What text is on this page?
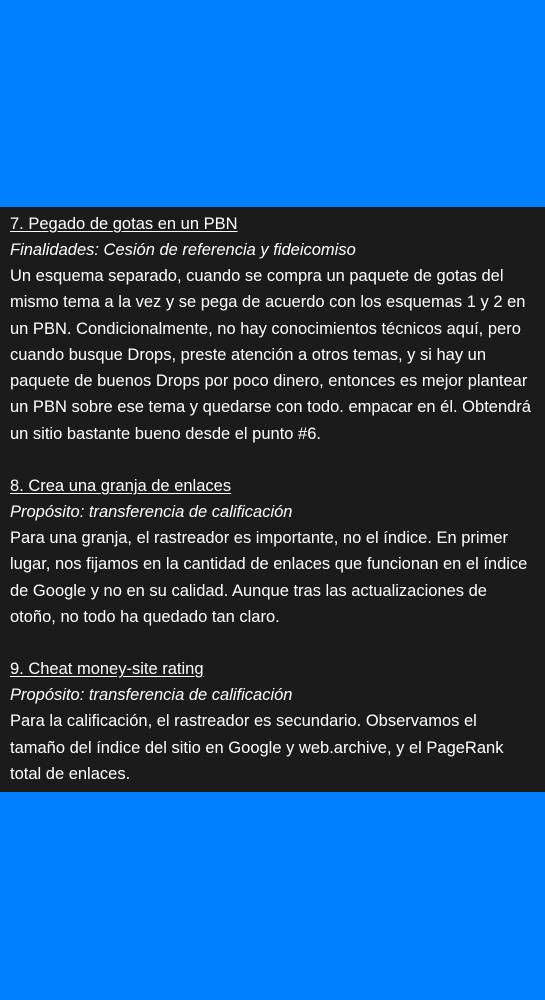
7. Pegado de gotas en un PBN
Finalidades: Cesión de referencia y fideicomiso

Un esquema separado, cuando se compra un paquete de gotas del mismo tema a la vez y se pega de acuerdo con los esquemas 1 y 2 en un PBN. Condicionalmente, no hay conocimientos técnicos aquí, pero cuando busque Drops, preste atención a otros temas, y si hay un paquete de buenos Drops por poco dinero, entonces es mejor plantear un PBN sobre ese tema y quedarse con todo. empacar en él. Obtendrá un sitio bastante bueno desde el punto #6.

8. Crea una granja de enlaces
Propósito: transferencia de calificación

Para una granja, el rastreador es importante, no el índice. En primer lugar, nos fijamos en la cantidad de enlaces que funcionan en el índice de Google y no en su calidad. Aunque tras las actualizaciones de otoño, no todo ha quedado tan claro.

9. Cheat money-site rating
Propósito: transferencia de calificación

Para la calificación, el rastreador es secundario. Observamos el tamaño del índice del sitio en Google y web.archive, y el PageRank total de enlaces.
